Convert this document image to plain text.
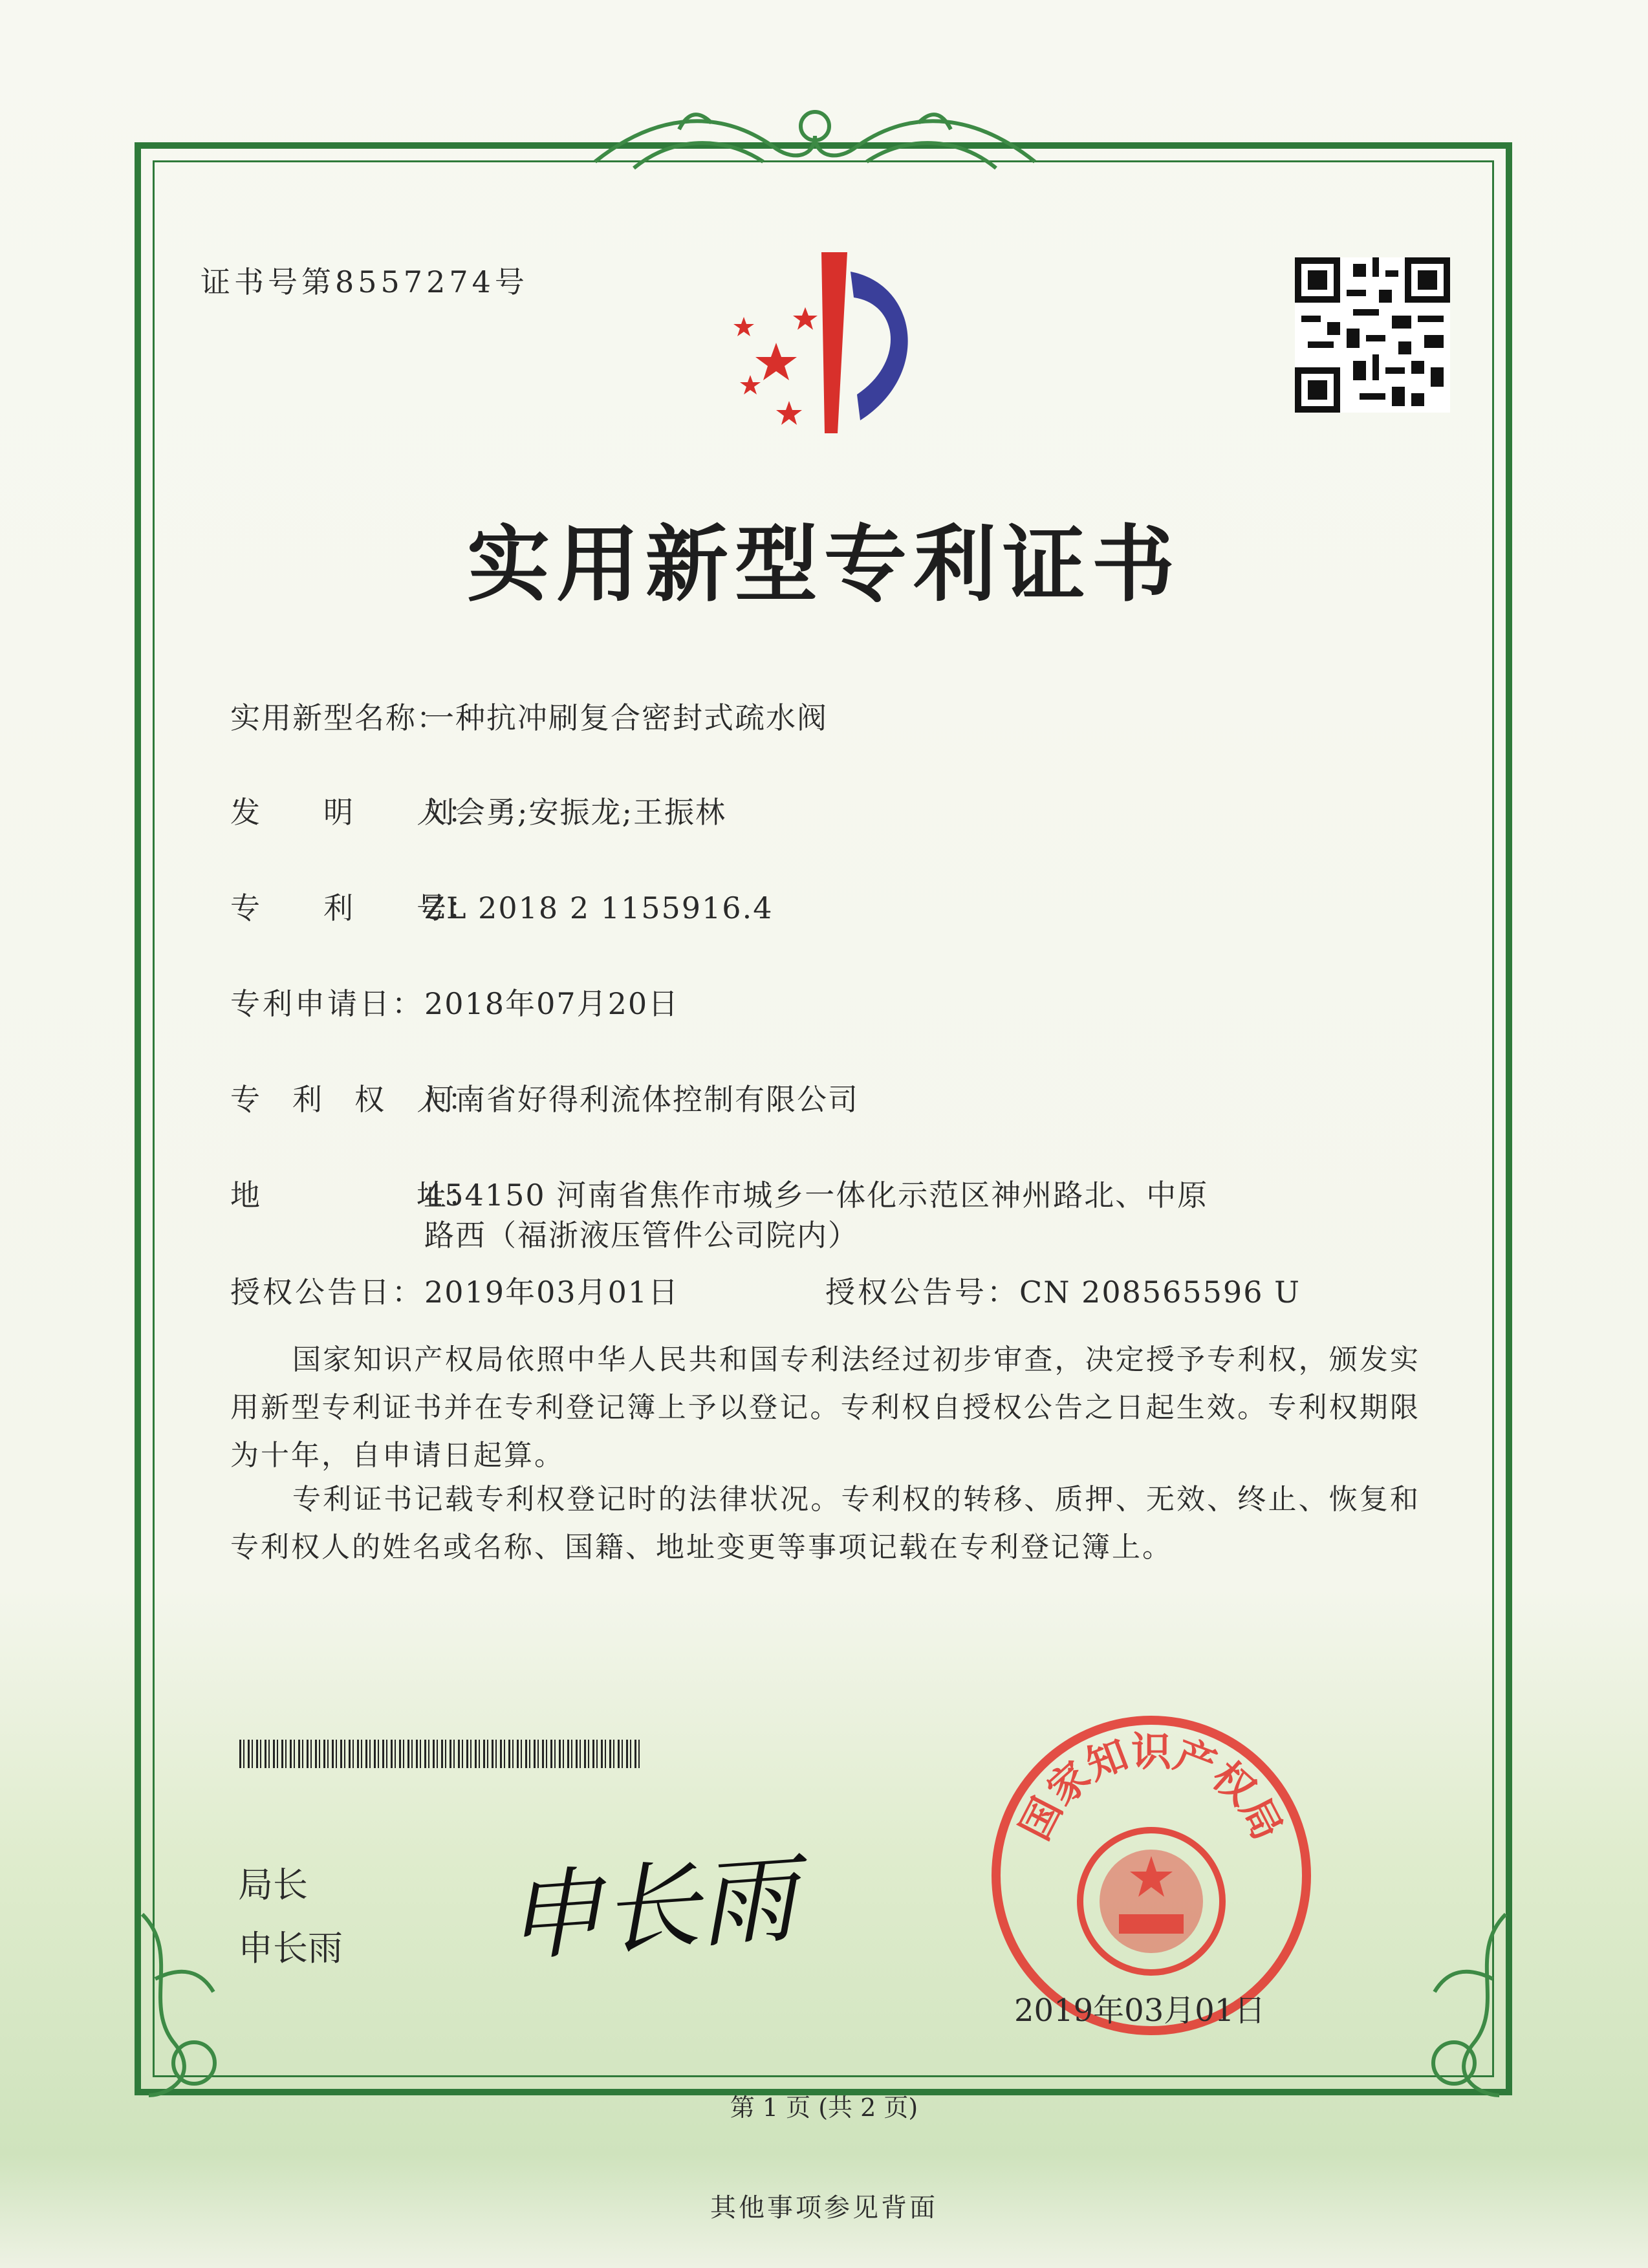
证书号第8557274号
实用新型专利证书
实用新型名称：一种抗冲刷复合密封式疏水阀
发　　明　　人：刘会勇;安振龙;王振林
专　　利　　号：ZL 2018 2 1155916.4
专利申请日：2018年07月20日
专　利　权　人：河南省好得利流体控制有限公司
地　　　　　址：454150 河南省焦作市城乡一体化示范区神州路北、中原
路西（福浙液压管件公司院内）
授权公告日：2019年03月01日	授权公告号：CN 208565596 U

国家知识产权局依照中华人民共和国专利法经过初步审查，决定授予专利权，颁发实用新型专利证书并在专利登记簿上予以登记。专利权自授权公告之日起生效。专利权期限为十年，自申请日起算。

专利证书记载专利权登记时的法律状况。专利权的转移、质押、无效、终止、恢复和专利权人的姓名或名称、国籍、地址变更等事项记载在专利登记簿上。

局长
申长雨 申长雨
国家知识产权局
2019年03月01日
第 1 页 (共 2 页)
其他事项参见背面
